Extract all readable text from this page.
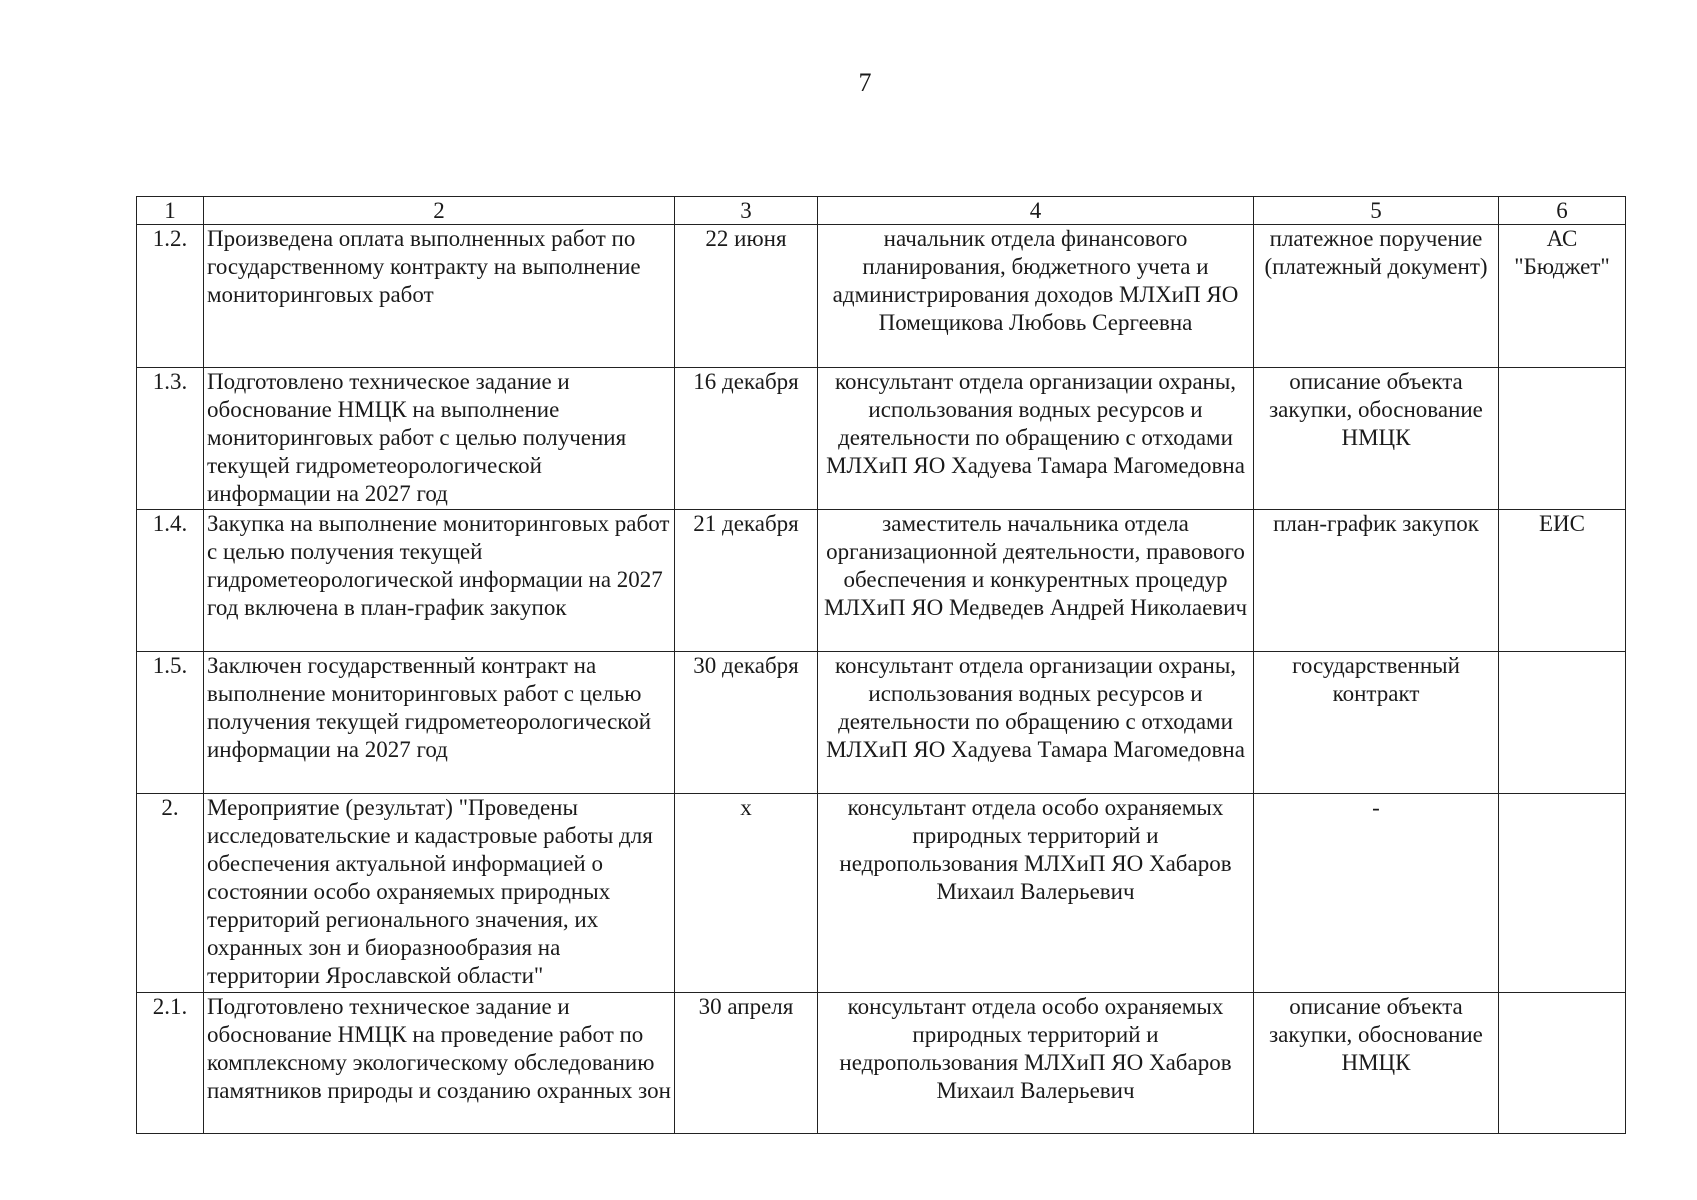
7
1	2	3	4	5	6
1.2.	Произведена оплата выполненных работ по государственному контракту на выполнение мониторинговых работ	22 июня	начальник отдела финансового планирования, бюджетного учета и администрирования доходов МЛХиП ЯО Помещикова Любовь Сергеевна	платежное поручение (платежный документ)	АС "Бюджет"
1.3.	Подготовлено техническое задание и обоснование НМЦК на выполнение мониторинговых работ с целью получения текущей гидрометеорологической информации на 2027 год	16 декабря	консультант отдела организации охраны, использования водных ресурсов и деятельности по обращению с отходами МЛХиП ЯО Хадуева Тамара Магомедовна	описание объекта закупки, обоснование НМЦК	
1.4.	Закупка на выполнение мониторинговых работ с целью получения текущей гидрометеорологической информации на 2027 год включена в план-график закупок	21 декабря	заместитель начальника отдела организационной деятельности, правового обеспечения и конкурентных процедур МЛХиП ЯО Медведев Андрей Николаевич	план-график закупок	ЕИС
1.5.	Заключен государственный контракт на выполнение мониторинговых работ с целью получения текущей гидрометеорологической информации на 2027 год	30 декабря	консультант отдела организации охраны, использования водных ресурсов и деятельности по обращению с отходами МЛХиП ЯО Хадуева Тамара Магомедовна	государственный контракт	
2.	Мероприятие (результат) "Проведены исследовательские и кадастровые работы для обеспечения актуальной информацией о состоянии особо охраняемых природных территорий регионального значения, их охранных зон и биоразнообразия на территории Ярославской области"	х	консультант отдела особо охраняемых природных территорий и недропользования МЛХиП ЯО Хабаров Михаил Валерьевич	-	
2.1.	Подготовлено техническое задание и обоснование НМЦК на проведение работ по комплексному экологическому обследованию памятников природы и созданию охранных зон	30 апреля	консультант отдела особо охраняемых природных территорий и недропользования МЛХиП ЯО Хабаров Михаил Валерьевич	описание объекта закупки, обоснование НМЦК	
